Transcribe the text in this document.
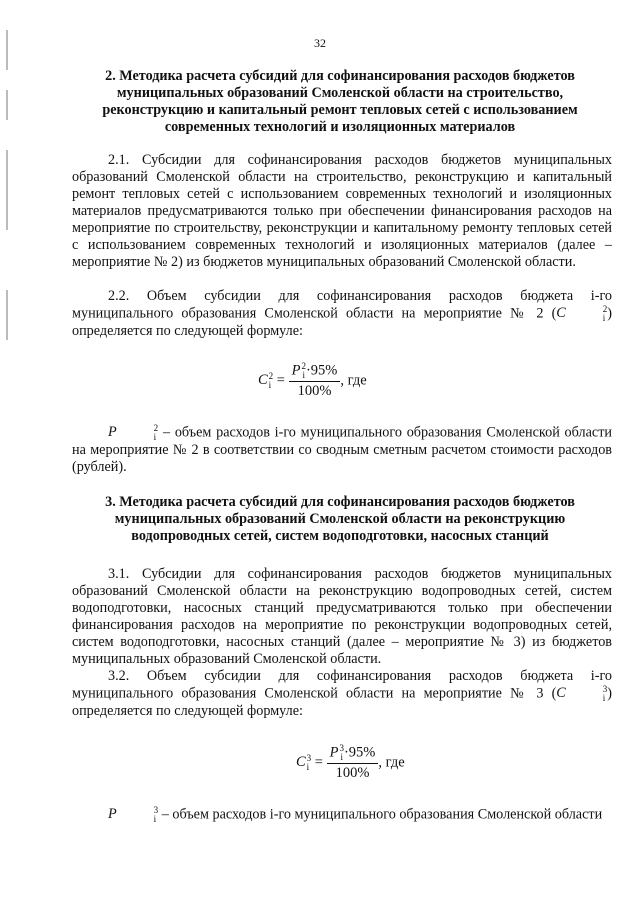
32
2. Методика расчета субсидий для софинансирования расходов бюджетов муниципальных образований Смоленской области на строительство, реконструкцию и капитальный ремонт тепловых сетей с использованием современных технологий и изоляционных материалов
2.1. Субсидии для софинансирования расходов бюджетов муниципальных образований Смоленской области на строительство, реконструкцию и капитальный ремонт тепловых сетей с использованием современных технологий и изоляционных материалов предусматриваются только при обеспечении финансирования расходов на мероприятие по строительству, реконструкции и капитальному ремонту тепловых сетей с использованием современных технологий и изоляционных материалов (далее – мероприятие № 2) из бюджетов муниципальных образований Смоленской области.
2.2. Объем субсидии для софинансирования расходов бюджета i-го муниципального образования Смоленской области на мероприятие № 2 (C	2
i ) определяется по следующей формуле:
C 2
i = P 2
i ·95%
100% , где
P	2
i – объем расходов i-го муниципального образования Смоленской области на мероприятие № 2 в соответствии со сводным сметным расчетом стоимости расходов (рублей).
3. Методика расчета субсидий для софинансирования расходов бюджетов муниципальных образований Смоленской области на реконструкцию водопроводных сетей, систем водоподготовки, насосных станций
3.1. Субсидии для софинансирования расходов бюджетов муниципальных образований Смоленской области на реконструкцию водопроводных сетей, систем водоподготовки, насосных станций предусматриваются только при обеспечении финансирования расходов на мероприятие по реконструкции водопроводных сетей, систем водоподготовки, насосных станций (далее – мероприятие № 3) из бюджетов муниципальных образований Смоленской области.
3.2. Объем субсидии для софинансирования расходов бюджета i-го муниципального образования Смоленской области на мероприятие № 3 (C	3
i ) определяется по следующей формуле:
C 3
i = P 3
i ·95%
100% , где
P	3
i – объем расходов i-го муниципального образования Смоленской области
